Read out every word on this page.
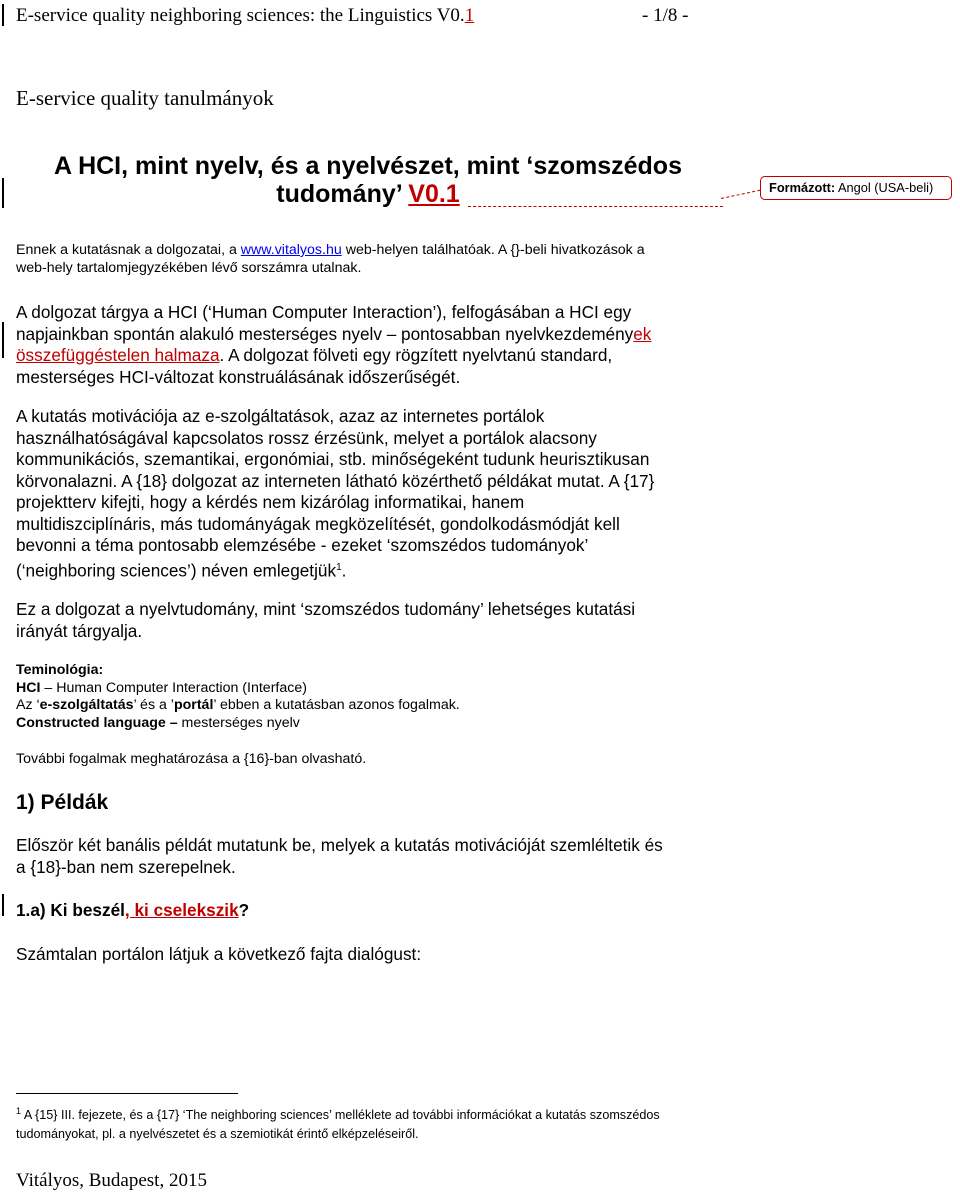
E-service quality neighboring sciences: the Linguistics V0.1	- 1/8 -
E-service quality tanulmányok
A HCI, mint nyelv, és a nyelvészet, mint ‘szomszédos
tudomány’ V0.1	Formázott: Angol (USA-beli)
Ennek a kutatásnak a dolgozatai, a www.vitalyos.hu web-helyen találhatóak. A {}-beli hivatkozások a
web-hely tartalomjegyzékében lévő sorszámra utalnak.
A dolgozat tárgya a HCI (‘Human Computer Interaction’), felfogásában a HCI egy
napjainkban spontán alakuló mesterséges nyelv – pontosabban nyelvkezdemények
összefüggéstelen halmaza. A dolgozat fölveti egy rögzített nyelvtanú standard,
mesterséges HCI-változat konstruálásának időszerűségét.
A kutatás motivációja az e-szolgáltatások, azaz az internetes portálok
használhatóságával kapcsolatos rossz érzésünk, melyet a portálok alacsony
kommunikációs, szemantikai, ergonómiai, stb. minőségeként tudunk heurisztikusan
körvonalazni. A {18} dolgozat az interneten látható közérthető példákat mutat. A {17}
projektterv kifejti, hogy a kérdés nem kizárólag informatikai, hanem
multidiszciplínáris, más tudományágak megközelítését, gondolkodásmódját kell
bevonni a téma pontosabb elemzésébe - ezeket ‘szomszédos tudományok’
(‘neighboring sciences’) néven emlegetjük$^1$.
Ez a dolgozat a nyelvtudomány, mint ‘szomszédos tudomány’ lehetséges kutatási
irányát tárgyalja.
Teminológia:
HCI – Human Computer Interaction (Interface)
Az ‘e-szolgáltatás’ és a ’portál’ ebben a kutatásban azonos fogalmak.
Constructed language – mesterséges nyelv
További fogalmak meghatározása a {16}-ban olvasható.
1) Példák
Először két banális példát mutatunk be, melyek a kutatás motivációját szemléltetik és
a {18}-ban nem szerepelnek.
1.a) Ki beszél, ki cselekszik?
Számtalan portálon látjuk a következő fajta dialógust:
$^1$ A {15} III. fejezete, és a {17} ‘The neighboring sciences’ melléklete ad további információkat a kutatás szomszédos
tudományokat, pl. a nyelvészetet és a szemiotikát érintő elképzeléseiről.
Vitályos, Budapest, 2015
